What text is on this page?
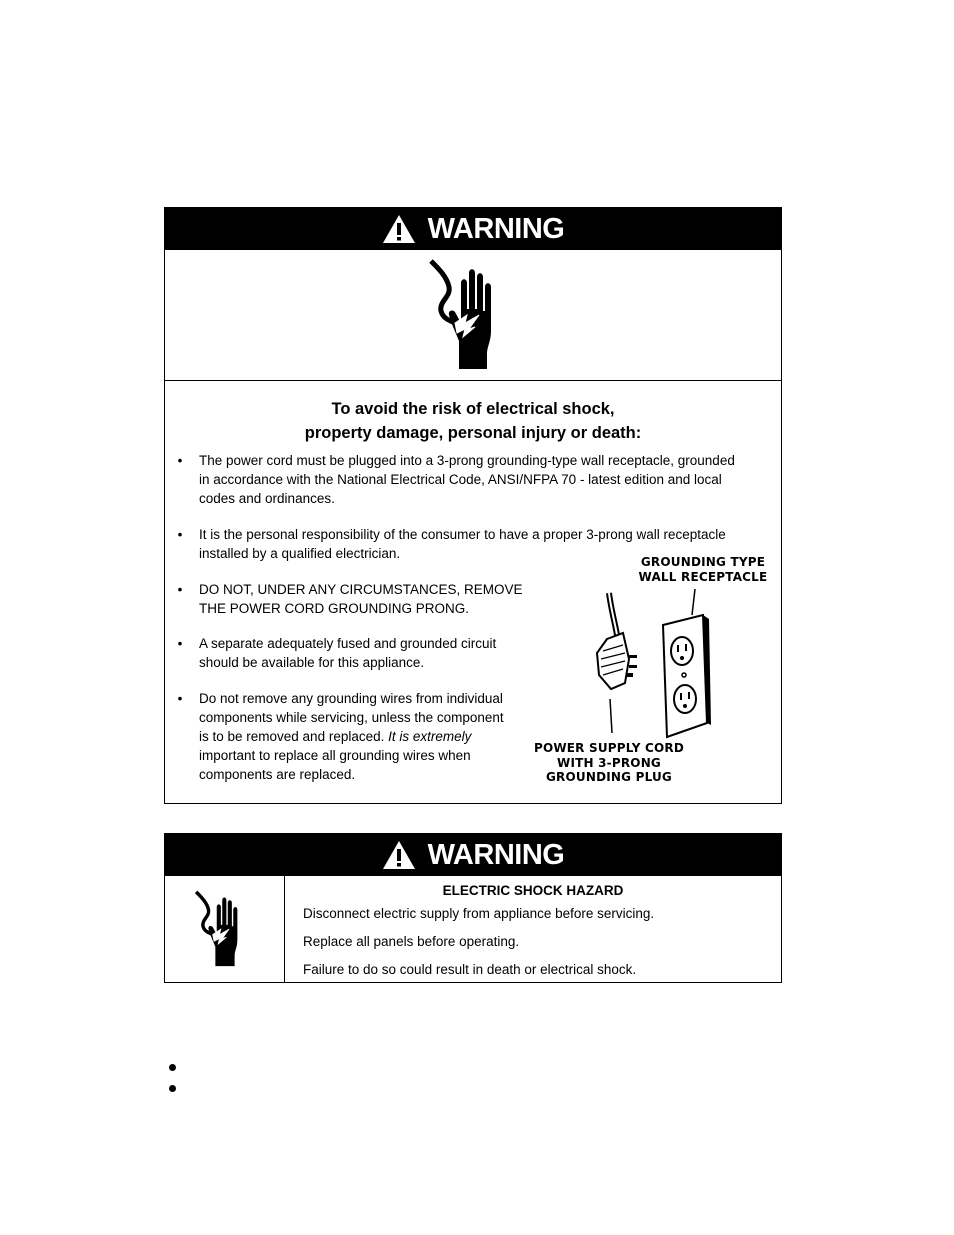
WARNING
To avoid the risk of electrical shock,
property damage, personal injury or death:
• The power cord must be plugged into a 3-prong grounding-type wall receptacle, grounded
in accordance with the National Electrical Code, ANSI/NFPA 70 - latest edition and local
codes and ordinances.
• It is the personal responsibility of the consumer to have a proper 3-prong wall receptacle
installed by a qualified electrician.
• DO NOT, UNDER ANY CIRCUMSTANCES, REMOVE
THE POWER CORD GROUNDING PRONG.
• A separate adequately fused and grounded circuit
should be available for this appliance.
• Do not remove any grounding wires from individual
components while servicing, unless the component
is to be removed and replaced. It is extremely
important to replace all grounding wires when
components are replaced.
GROUNDING TYPE
WALL RECEPTACLE
POWER SUPPLY CORD
WITH 3-PRONG
GROUNDING PLUG
WARNING
ELECTRIC SHOCK HAZARD
Disconnect electric supply from appliance before servicing.
Replace all panels before operating.
Failure to do so could result in death or electrical shock.
